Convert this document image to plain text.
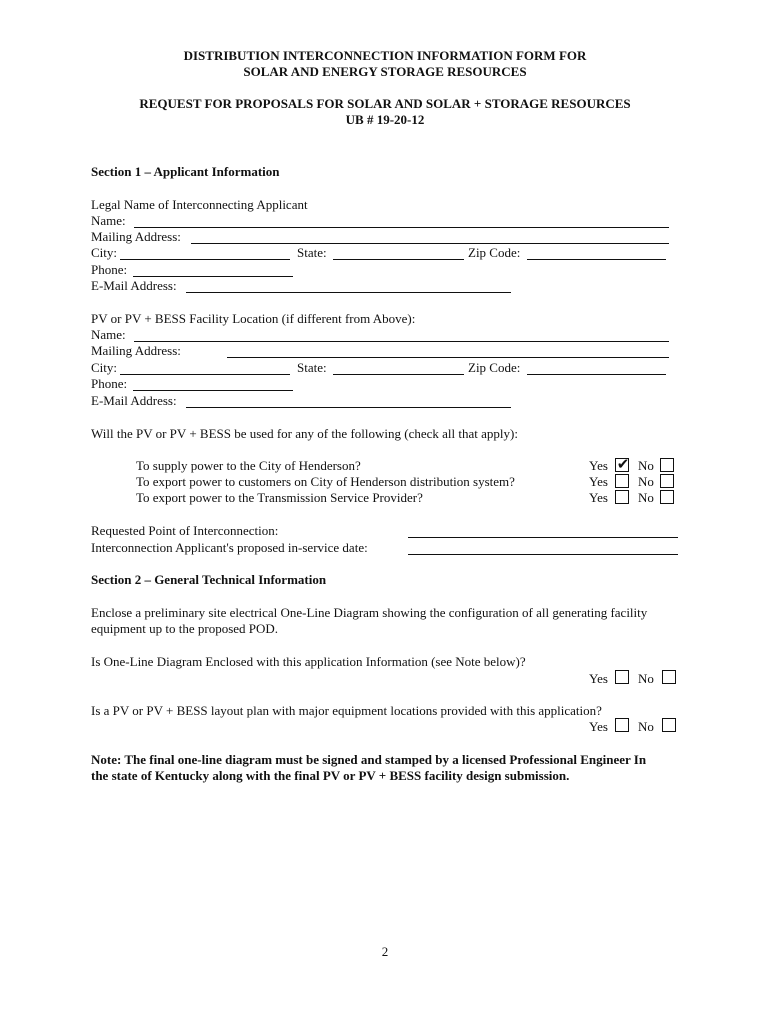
DISTRIBUTION INTERCONNECTION INFORMATION FORM FOR
SOLAR AND ENERGY STORAGE RESOURCES
REQUEST FOR PROPOSALS FOR SOLAR AND SOLAR + STORAGE RESOURCES
UB # 19-20-12
Section 1 – Applicant Information
Legal Name of Interconnecting Applicant
Name:
Mailing Address:
City:	State:	Zip Code:
Phone:
E-Mail Address:
PV or PV + BESS Facility Location (if different from Above):
Name:
Mailing Address:
City:	State:	Zip Code:
Phone:
E-Mail Address:
Will the PV or PV + BESS be used for any of the following (check all that apply):
To supply power to the City of Henderson?	Yes ✔ No
To export power to customers on City of Henderson distribution system?	Yes No
To export power to the Transmission Service Provider?	Yes No
Requested Point of Interconnection:
Interconnection Applicant's proposed in-service date:
Section 2 – General Technical Information
Enclose a preliminary site electrical One-Line Diagram showing the configuration of all generating facility
equipment up to the proposed POD.
Is One-Line Diagram Enclosed with this application Information (see Note below)?
Yes No
Is a PV or PV + BESS layout plan with major equipment locations provided with this application?
Yes No
Note: The final one-line diagram must be signed and stamped by a licensed Professional Engineer In
the state of Kentucky along with the final PV or PV + BESS facility design submission.
2
